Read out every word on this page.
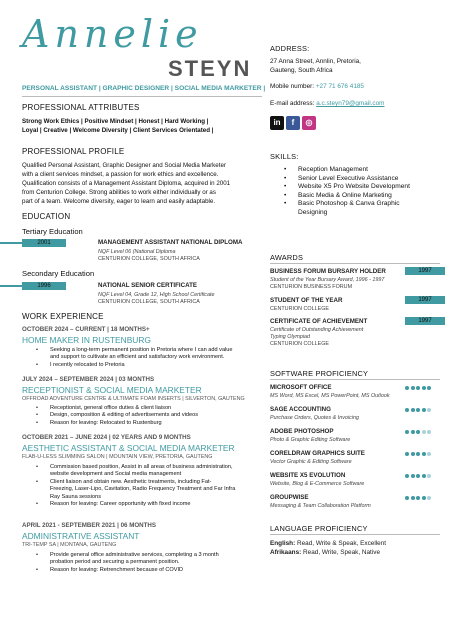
Annelie
STEYN
PERSONAL ASSISTANT | GRAPHIC DESIGNER | SOCIAL MEDIA MARKETER |
PROFESSIONAL ATTRIBUTES
Strong Work Ethics | Positive Mindset | Honest | Hard Working |
Loyal | Creative | Welcome Diversity | Client Services Orientated |
PROFESSIONAL PROFILE
Qualified Personal Assistant, Graphic Designer and Social Media Marketer
with a client services mindset, a passion for work ethics and excellence.
Qualification consists of a Management Assistant Diploma, acquired in 2001
from Centurion College. Strong abilities to work either individually or as
part of a team. Welcome diversity, eager to learn and easily adaptable.
EDUCATION
Tertiary Education
2001	MANAGEMENT ASSISTANT NATIONAL DIPLOMA
NQF Level 06 (National Diploma
CENTURION COLLEGE, SOUTH AFRICA
Secondary Education
1996	NATIONAL SENIOR CERTIFICATE
NQF Level 04, Grade 12, High School Certificate
CENTURION COLLEGE, SOUTH AFRICA
WORK EXPERIENCE
OCTOBER 2024 – CURRENT | 18 MONTHS+
HOME MAKER IN RUSTENBURG
• Seeking a long-term permanent position in Pretoria where I can add value
and support to cultivate an efficient and satisfactory work environment.
• I recently relocated to Pretoria
JULY 2024 – SEPTEMBER 2024 | 03 MONTHS
RECEPTIONIST & SOCIAL MEDIA MARKETER
OFFROAD ADVENTURE CENTRE & ULTIMATE FOAM INSERTS | SILVERTON, GAUTENG
• Receptionist, general office duties & client liaison
• Design, composition & editing of advertisements and videos
• Reason for leaving: Relocated to Rustenburg
OCTOBER 2021 – JUNE 2024 | 02 YEARS AND 9 MONTHS
AESTHETIC ASSISTANT & SOCIAL MEDIA MARKETER
FLAB-U-LESS SLIMMING SALON | MOUNTAIN VIEW, PRETORIA, GAUTENG
• Commission based position, Assist in all areas of business administration,
website development and Social media management
• Client liaison and obtain new. Aesthetic treatments, including Fat-
Freezing, Laser-Lipo, Cavitation, Radio Frequency Treatment and Far Infra
Ray Sauna sessions
• Reason for leaving: Career opportunity with fixed income
APRIL 2021 - SEPTEMBER 2021 | 06 MONTHS
ADMINISTRATIVE ASSISTANT
TRI-TEMP SA | MONTANA, GAUTENG
• Provide general office administrative services, completing a 3 month
probation period and securing a permanent position.
• Reason for leaving: Retrenchment because of COVID
ADDRESS:
27 Anna Street, Annlin, Pretoria,
Gauteng, South Africa
Mobile number: +27 71 676 4185
E-mail address: a.c.steyn79@gmail.com
in	f	◎
SKILLS:
• Reception Management
• Senior Level Executive Assistance
• Website X5 Pro Website Development
• Basic Media & Online Marketing
• Basic Photoshop & Canva Graphic
Designing
AWARDS
BUSINESS FORUM BURSARY HOLDER	1997
Student of the Year Bursary Award, 1996 - 1997
CENTURION BUSINESS FORUM
STUDENT OF THE YEAR	1997
CENTURION COLLEGE
CERTIFICATE OF ACHIEVEMENT	1997
Certificate of Outstanding Achievement
Typing Olympiad
CENTURION COLLEGE
SOFTWARE PROFICIENCY
MICROSOFT OFFICE
MS Word, MS Excel, MS PowerPoint, MS Outlook
SAGE ACCOUNTING
Purchase Orders, Quotes & Invoicing
ADOBE PHOTOSHOP
Photo & Graphic Editing Software
CORELDRAW GRAPHICS SUITE
Vector Graphic & Editing Software
WEBSITE X5 EVOLUTION
Website, Blog & E-Commerce Software
GROUPWISE
Messaging & Team Collaboration Platform
LANGUAGE PROFICIENCY
English: Read, Write & Speak, Excellent
Afrikaans: Read, Write, Speak, Native
